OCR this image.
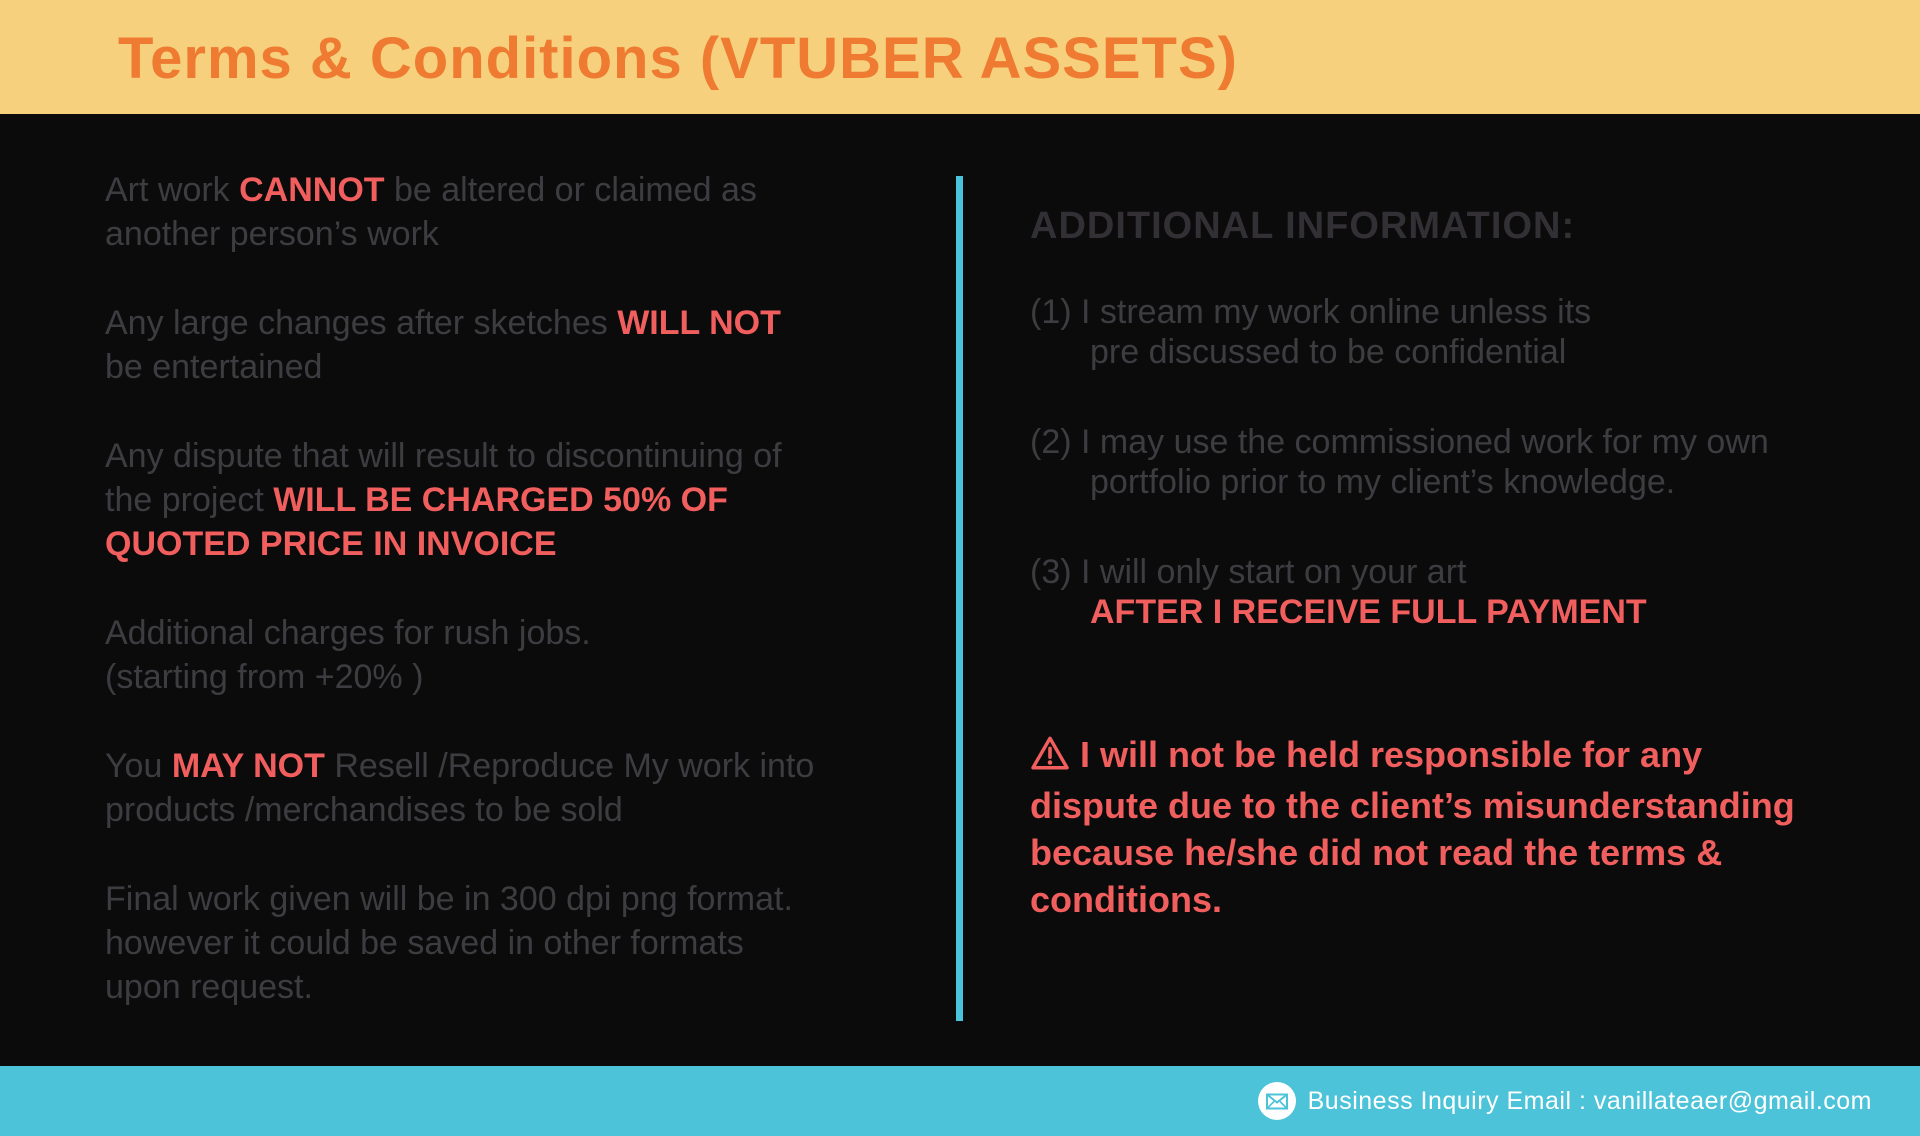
Terms & Conditions (VTUBER ASSETS)

Art work CANNOT be altered or claimed as
another person’s work

Any large changes after sketches WILL NOT
be entertained

Any dispute that will result to discontinuing of
the project WILL BE CHARGED 50% OF
QUOTED PRICE IN INVOICE

Additional charges for rush jobs.
(starting from +20% )

You MAY NOT Resell /Reproduce My work into
products /merchandises to be sold

Final work given will be in 300 dpi png format.
however it could be saved in other formats
upon request.

ADDITIONAL INFORMATION:

(1) I stream my work online unless its
pre discussed to be confidential

(2) I may use the commissioned work for my own
portfolio prior to my client’s knowledge.

(3) I will only start on your art
AFTER I RECEIVE FULL PAYMENT

I will not be held responsible for any
dispute due to the client’s misunderstanding
because he/she did not read the terms &
conditions.

Business Inquiry Email : vanillateaer@gmail.com
